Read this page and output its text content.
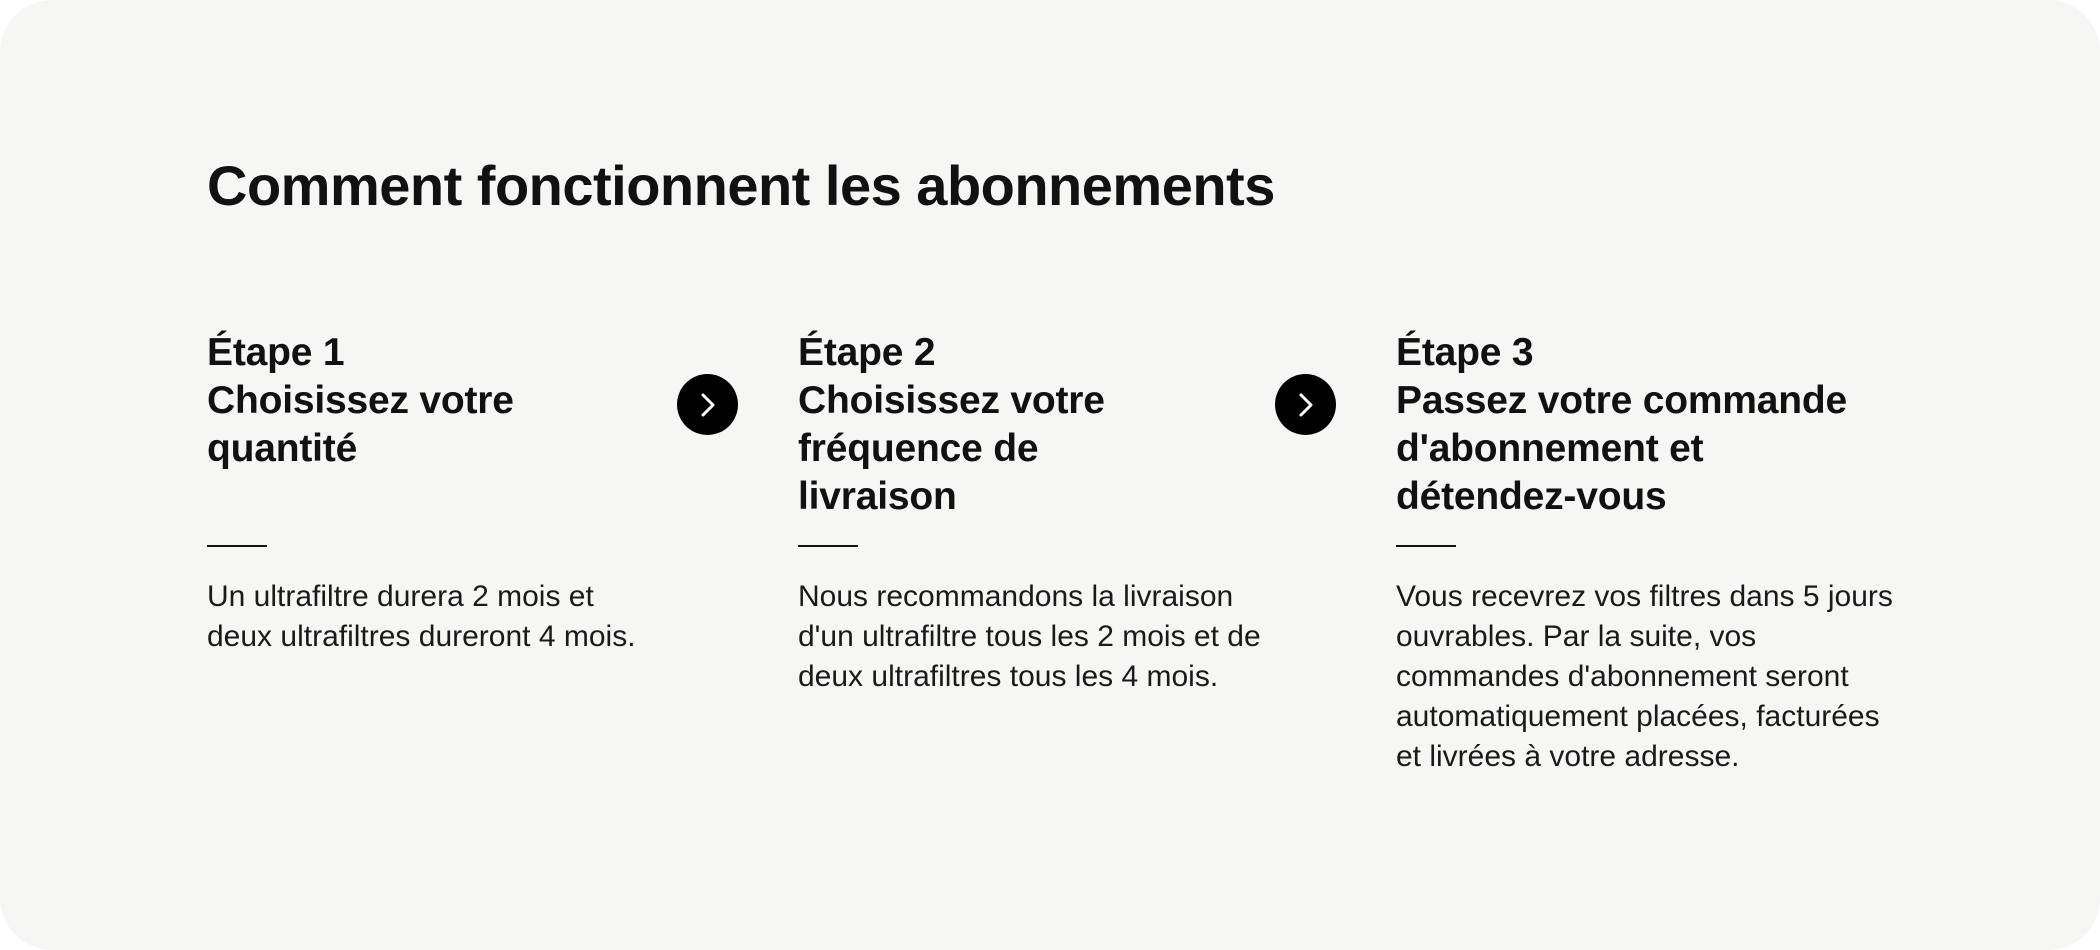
Comment fonctionnent les abonnements
Étape 1
Choisissez votre
quantité

Un ultrafiltre durera 2 mois et deux ultrafiltres dureront 4 mois.

Étape 2
Choisissez votre
fréquence de
livraison

Nous recommandons la livraison d'un ultrafiltre tous les 2 mois et de deux ultrafiltres tous les 4 mois.

Étape 3
Passez votre commande
d'abonnement et
détendez-vous

Vous recevrez vos filtres dans 5 jours ouvrables. Par la suite, vos commandes d'abonnement seront automatiquement placées, facturées et livrées à votre adresse.
